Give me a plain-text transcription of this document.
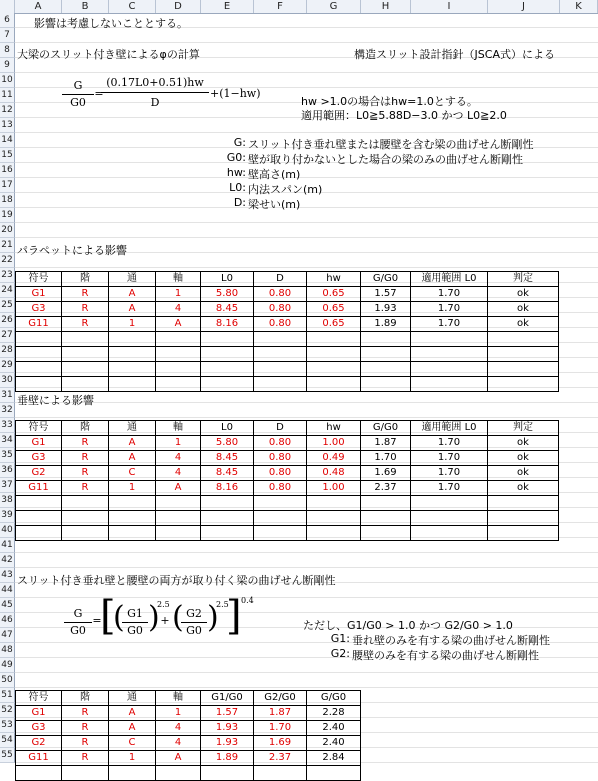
A	B	C	D	E	F	G	H	I	J	K
6
7
8
9
10
11
12
13
14
15
16
17
18
19
20
21
22
23
24
25
26
27
28
29
30
31
32
33
34
35
36
37
38
39
40
41
42
43
44
45
46
47
48
49
50
51
52
53
54
55
影響は考慮しないこととする。
大梁のスリット付き壁によるφの計算	構造スリット設計指針（JSCA式）による
G
G0
=
(0.17L0+0.51)hw
D
+(1−hw)
hw >1.0の場合はhw=1.0とする。
適用範囲：L0≧5.88D−3.0 かつ L0≧2.0
G: スリット付き垂れ壁または腰壁を含む梁の曲げせん断剛性
G0: 壁が取り付かないとした場合の梁のみの曲げせん断剛性
hw: 壁高さ(m)
L0: 内法スパン(m)
D: 梁せい(m)
パラペットによる影響
垂壁による影響
スリット付き垂れ壁と腰壁の両方が取り付く梁の曲げせん断剛性
符号	階	通	軸	L0	D	hw	G/G0	適用範囲 L0	判定
G1	R	A	1	5.80	0.80	0.65	1.57	1.70	ok
G3	R	A	4	8.45	0.80	0.65	1.93	1.70	ok
G11	R	1	A	8.16	0.80	0.65	1.89	1.70	ok

符号	階	通	軸	L0	D	hw	G/G0	適用範囲 L0	判定
G1	R	A	1	5.80	0.80	1.00	1.87	1.70	ok
G3	R	A	4	8.45	0.80	0.49	1.70	1.70	ok
G2	R	C	4	8.45	0.80	0.48	1.69	1.70	ok
G11	R	1	A	8.16	0.80	1.00	2.37	1.70	ok

G
G0
=
[
( G1
G0 )
2.5
+ ( G2
G0 )
2.5
] 0.4
ただし、G1/G0 > 1.0 かつ G2/G0 > 1.0
G1: 垂れ壁のみを有する梁の曲げせん断剛性
G2: 腰壁のみを有する梁の曲げせん断剛性
符号	階	通	軸	G1/G0	G2/G0	G/G0
G1	R	A	1	1.57	1.87	2.28
G3	R	A	4	1.93	1.70	2.40
G2	R	C	4	1.93	1.69	2.40
G11	R	1	A	1.89	2.37	2.84
